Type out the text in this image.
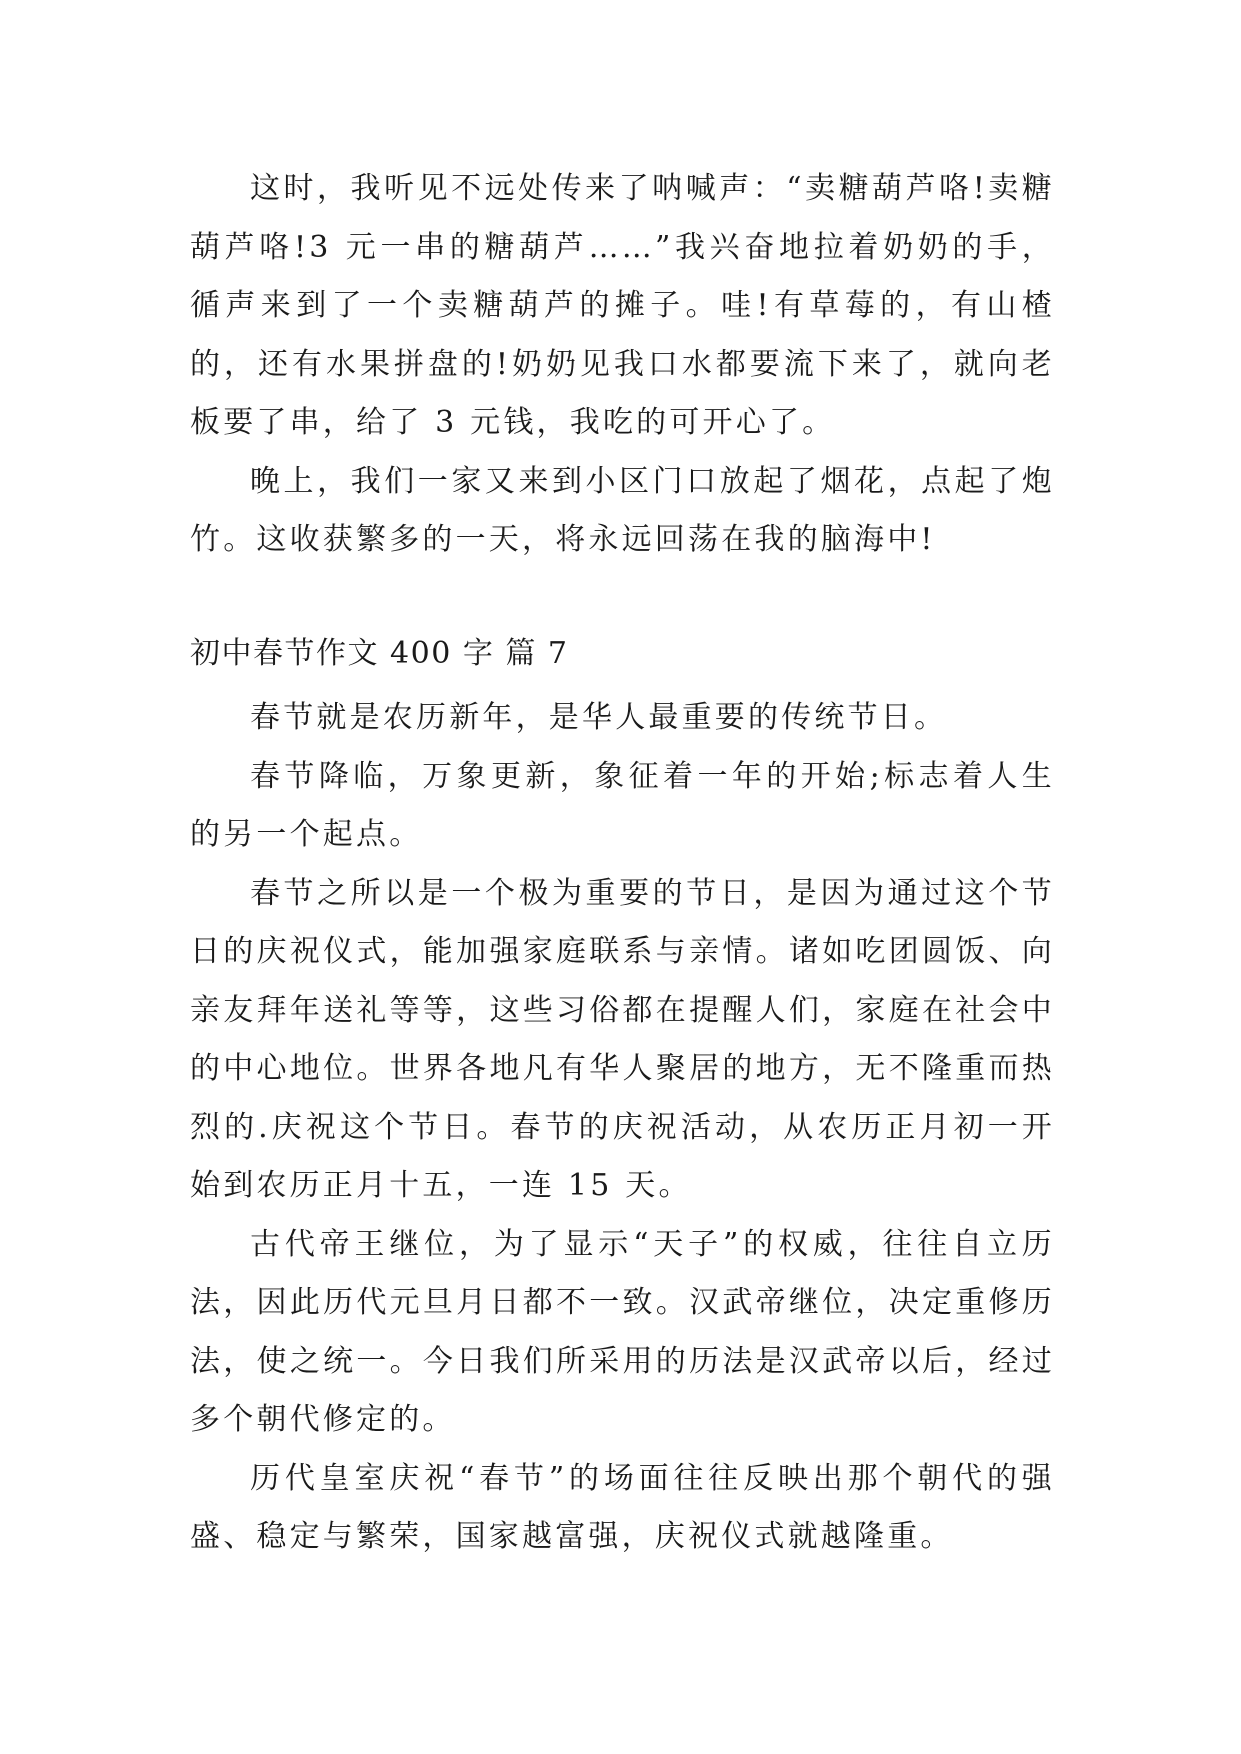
这时，我听见不远处传来了呐喊声：“卖糖葫芦咯!卖糖葫芦咯!3 元一串的糖葫芦……”我兴奋地拉着奶奶的手，循声来到了一个卖糖葫芦的摊子。哇!有草莓的，有山楂的，还有水果拼盘的!奶奶见我口水都要流下来了，就向老板要了串，给了 3 元钱，我吃的可开心了。

晚上，我们一家又来到小区门口放起了烟花，点起了炮竹。这收获繁多的一天，将永远回荡在我的脑海中!

初中春节作文 400 字 篇 7

春节就是农历新年，是华人最重要的传统节日。

春节降临，万象更新，象征着一年的开始;标志着人生的另一个起点。

春节之所以是一个极为重要的节日，是因为通过这个节日的庆祝仪式，能加强家庭联系与亲情。诸如吃团圆饭、向亲友拜年送礼等等，这些习俗都在提醒人们，家庭在社会中的中心地位。世界各地凡有华人聚居的地方，无不隆重而热烈的.庆祝这个节日。春节的庆祝活动，从农历正月初一开始到农历正月十五，一连 15 天。

古代帝王继位，为了显示“天子”的权威，往往自立历法，因此历代元旦月日都不一致。汉武帝继位，决定重修历法，使之统一。今日我们所采用的历法是汉武帝以后，经过多个朝代修定的。

历代皇室庆祝“春节”的场面往往反映出那个朝代的强盛、稳定与繁荣，国家越富强，庆祝仪式就越隆重。
